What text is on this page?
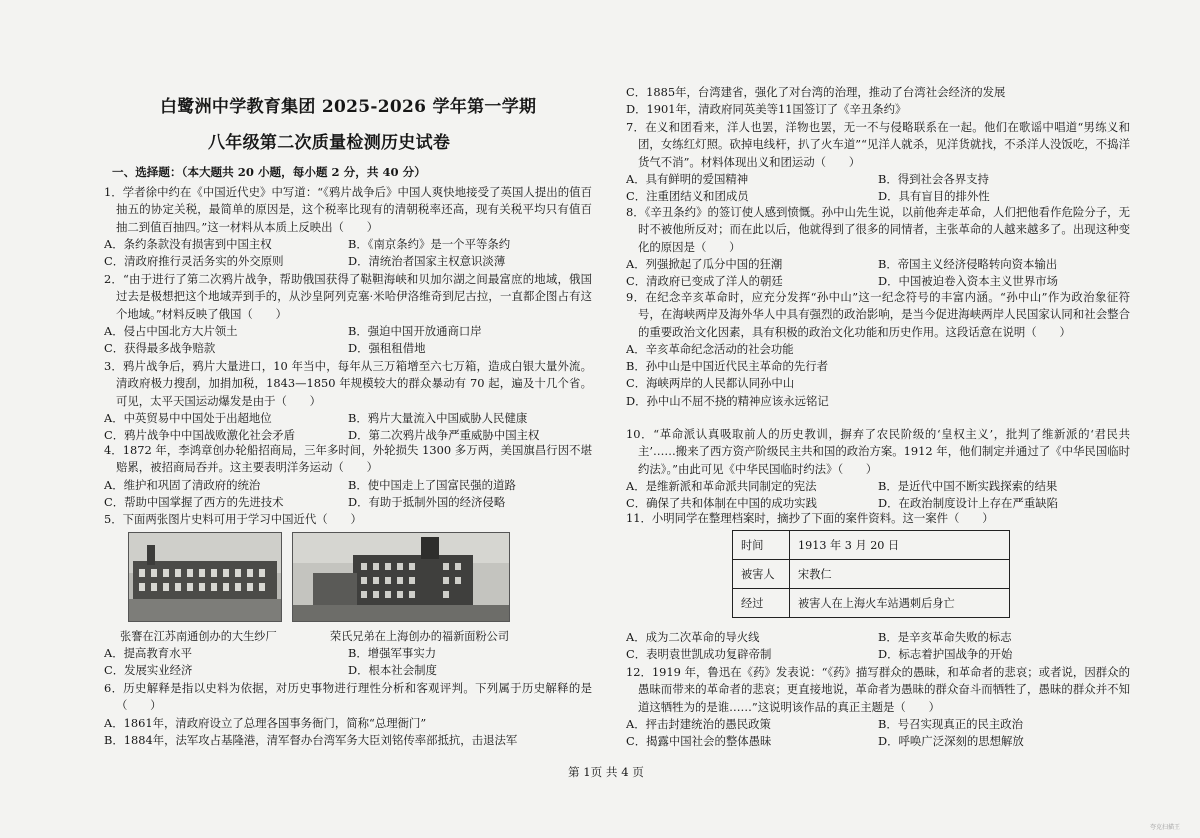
白鹭洲中学教育集团 2025-2026 学年第一学期
八年级第二次质量检测历史试卷
一、选择题：（本大题共 20 小题，每小题 2 分，共 40 分）
1．学者徐中约在《中国近代史》中写道：“《鸦片战争后》中国人爽快地接受了英国人提出的值百抽五的协定关税，最简单的原因是，这个税率比现有的清朝税率还高，现有关税平均只有值百抽二到值百抽四。”这一材料从本质上反映出（　　）
A．条约条款没有损害到中国主权	B．《南京条约》是一个平等条约
C．清政府推行灵活务实的外交原则	D．清统治者国家主权意识淡薄
2．“由于进行了第二次鸦片战争，帮助俄国获得了鞑靼海峡和贝加尔湖之间最富庶的地域，俄国过去是极想把这个地域弄到手的，从沙皇阿列克塞·米哈伊洛维奇到尼古拉，一直都企图占有这个地域。”材料反映了俄国（　　）
A．侵占中国北方大片领土	B．强迫中国开放通商口岸
C．获得最多战争赔款	D．强租租借地
3．鸦片战争后，鸦片大量进口，10 年当中，每年从三万箱增至六七万箱，造成白银大量外流。清政府极力搜刮，加捐加税，1843—1850 年规模较大的群众暴动有 70 起，遍及十几个省。可见，太平天国运动爆发是由于（　　）
A．中英贸易中中国处于出超地位	B．鸦片大量流入中国威胁人民健康
C．鸦片战争中中国战败激化社会矛盾	D．第二次鸦片战争严重威胁中国主权
4．1872 年，李鸿章创办轮船招商局，三年多时间，外轮损失 1300 多万两，美国旗昌行因不堪赔累，被招商局吞并。这主要表明洋务运动（　　）
A．维护和巩固了清政府的统治	B．使中国走上了国富民强的道路
C．帮助中国掌握了西方的先进技术	D．有助于抵制外国的经济侵略
5．下面两张图片史料可用于学习中国近代（　　）
A．提高教育水平	B．增强军事实力
C．发展实业经济	D．根本社会制度
6．历史解释是指以史料为依据，对历史事物进行理性分析和客观评判。下列属于历史解释的是（　　）
A．1861年，清政府设立了总理各国事务衙门，简称“总理衙门”
B．1884年，法军攻占基隆港，清军督办台湾军务大臣刘铭传率部抵抗，击退法军
张謇在江苏南通创办的大生纱厂	荣氏兄弟在上海创办的福新面粉公司
C．1885年，台湾建省，强化了对台湾的治理，推动了台湾社会经济的发展
D．1901年，清政府同英美等11国签订了《辛丑条约》
7．在义和团看来，洋人也罢，洋物也罢，无一不与侵略联系在一起。他们在歌谣中唱道“男练义和团，女练红灯照。砍掉电线杆，扒了火车道”“见洋人就杀，见洋货就找，不杀洋人没饭吃，不捣洋货气不消”。材料体现出义和团运动（　　）
A．具有鲜明的爱国精神	B．得到社会各界支持
C．注重团结义和团成员	D．具有盲目的排外性
8．《辛丑条约》的签订使人感到愤慨。孙中山先生说，以前他奔走革命，人们把他看作危险分子，无时不被他所反对；而在此以后，他就得到了很多的同情者，主张革命的人越来越多了。出现这种变化的原因是（　　）
A．列强掀起了瓜分中国的狂潮	B．帝国主义经济侵略转向资本输出
C．清政府已变成了洋人的朝廷	D．中国被迫卷入资本主义世界市场
9．在纪念辛亥革命时，应充分发挥“孙中山”这一纪念符号的丰富内涵。“孙中山”作为政治象征符号，在海峡两岸及海外华人中具有强烈的政治影响，是当今促进海峡两岸人民国家认同和社会整合的重要政治文化因素，具有积极的政治文化功能和历史作用。这段话意在说明（　　）
A．辛亥革命纪念活动的社会功能
B．孙中山是中国近代民主革命的先行者
C．海峡两岸的人民都认同孙中山
D．孙中山不屈不挠的精神应该永远铭记
10．“革命派认真吸取前人的历史教训，摒弃了农民阶级的‘皇权主义’，批判了维新派的‘君民共主’……搬来了西方资产阶级民主共和国的政治方案。1912 年，他们制定并通过了《中华民国临时约法》。”由此可见《中华民国临时约法》（　　）
A．是维新派和革命派共同制定的宪法	B．是近代中国不断实践探索的结果
C．确保了共和体制在中国的成功实践	D．在政治制度设计上存在严重缺陷
11．小明同学在整理档案时，摘抄了下面的案件资料。这一案件（　　）
A．成为二次革命的导火线	B．是辛亥革命失败的标志
C．表明袁世凯成功复辟帝制	D．标志着护国战争的开始
12．1919 年，鲁迅在《药》发表说：“《药》描写群众的愚昧，和革命者的悲哀；或者说，因群众的愚昧而带来的革命者的悲哀；更直接地说，革命者为愚昧的群众奋斗而牺牲了，愚昧的群众并不知道这牺牲为的是谁……”这说明该作品的真正主题是（　　）
A．抨击封建统治的愚民政策	B．号召实现真正的民主政治
C．揭露中国社会的整体愚昧	D．呼唤广泛深刻的思想解放
时间	1913 年 3 月 20 日
被害人	宋教仁
经过	被害人在上海火车站遇刺后身亡
第 1页 共 4 页
夸克扫描王
